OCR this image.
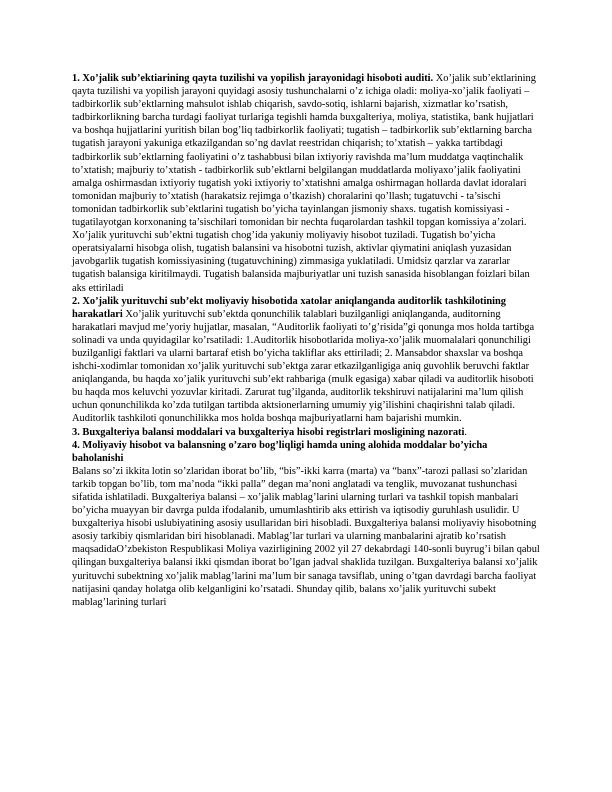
1. Xo’jalik sub’ektiarining qayta tuzilishi va yopilish jarayonidagi hisoboti auditi. Xo’jalik sub’ektlarining qayta tuzilishi va yopilish jarayoni quyidagi asosiy tushunchalarni o’z ichiga oladi: moliya-xo’jalik faoliyati – tadbirkorlik sub’ektlarning mahsulot ishlab chiqarish, savdo-sotiq, ishlarni bajarish, xizmatlar ko’rsatish, tadbirkorlikning barcha turdagi faoliyat turlariga tegishli hamda buxgalteriya, moliya, statistika, bank hujjatlari va boshqa hujjatlarini yuritish bilan bog’liq tadbirkorlik faoliyati; tugatish – tadbirkorlik sub’ektlarning barcha tugatish jarayoni yakuniga etkazilgandan so’ng davlat reestridan chiqarish; to’xtatish – yakka tartibdagi tadbirkorlik sub’ektlarning faoliyatini o’z tashabbusi bilan ixtiyoriy ravishda ma’lum muddatga vaqtinchalik to’xtatish; majburiy to’xtatish - tadbirkorlik sub’ektlarni belgilangan muddatlarda moliyaxo’jalik faoliyatini amalga oshirmasdan ixtiyoriy tugatish yoki ixtiyoriy to’xtatishni amalga oshirmagan hollarda davlat idoralari tomonidan majburiy to’xtatish (harakatsiz rejimga o’tkazish) choralarini qo’llash; tugatuvchi - ta’sischi tomonidan tadbirkorlik sub’ektlarini tugatish bo’yicha tayinlangan jismoniy shaxs. tugatish komissiyasi - tugatilayotgan korxonaning ta’sischilari tomonidan bir nechta fuqarolardan tashkil topgan komissiya a’zolari. Xo’jalik yurituvchi sub’ektni tugatish chog’ida yakuniy moliyaviy hisobot tuziladi. Tugatish bo’yicha operatsiyalarni hisobga olish, tugatish balansini va hisobotni tuzish, aktivlar qiymatini aniqlash yuzasidan javobgarlik tugatish komissiyasining (tugatuvchining) zimmasiga yuklatiladi. Umidsiz qarzlar va zararlar tugatish balansiga kiritilmaydi. Tugatish balansida majburiyatlar uni tuzish sanasida hisoblangan foizlari bilan aks ettiriladi

2. Xo’jalik yurituvchi sub’ekt moliyaviy hisobotida xatolar aniqlanganda auditorlik tashkilotining harakatlari Xo’jalik yurituvchi sub’ektda qonunchilik talablari buzilganligi aniqlanganda, auditorning harakatlari mavjud me’yoriy hujjatlar, masalan, “Auditorlik faoliyati to’g’risida”gi qonunga mos holda tartibga solinadi va unda quyidagilar ko’rsatiladi: 1.Auditorlik hisobotlarida moliya-xo’jalik muomalalari qonunchiligi buzilganligi faktlari va ularni bartaraf etish bo’yicha takliflar aks ettiriladi; 2. Mansabdor shaxslar va boshqa ishchi-xodimlar tomonidan xo’jalik yurituvchi sub’ektga zarar etkazilganligiga aniq guvohlik beruvchi faktlar aniqlanganda, bu haqda xo’jalik yurituvchi sub’ekt rahbariga (mulk egasiga) xabar qiladi va auditorlik hisoboti bu haqda mos keluvchi yozuvlar kiritadi. Zarurat tug’ilganda, auditorlik tekshiruvi natijalarini ma’lum qilish uchun qonunchilikda ko’zda tutilgan tartibda aktsionerlarning umumiy yig’ilishini chaqirishni talab qiladi. Auditorlik tashkiloti qonunchilikka mos holda boshqa majburiyatlarni ham bajarishi mumkin.

3. Buxgalteriya balansi moddalari va buxgalteriya hisobi registrlari mosligining nazorati.

4. Moliyaviy hisobot va balansning o’zaro bog’liqligi hamda uning alohida moddalar bo’yicha baholanishi

Balans so’zi ikkita lotin so’zlaridan iborat bo’lib, “bis”-ikki karra (marta) va “banx”-tarozi pallasi so’zlaridan tarkib topgan bo’lib, tom ma’noda “ikki palla” degan ma’noni anglatadi va tenglik, muvozanat tushunchasi sifatida ishlatiladi. Buxgalteriya balansi – xo’jalik mablag’larini ularning turlari va tashkil topish manbalari bo’yicha muayyan bir davrga pulda ifodalanib, umumlashtirib aks ettirish va iqtisodiy guruhlash usulidir. U buxgalteriya hisobi uslubiyatining asosiy usullaridan biri hisobladi. Buxgalteriya balansi moliyaviy hisobotning asosiy tarkibiy qismlaridan biri hisoblanadi. Mablag’lar turlari va ularning manbalarini ajratib ko’rsatish maqsadidaO’zbekiston Respublikasi Moliya vazirligining 2002 yil 27 dekabrdagi 140-sonli buyrug’i bilan qabul qilingan buxgalteriya balansi ikki qismdan iborat bo’lgan jadval shaklida tuzilgan. Buxgalteriya balansi xo’jalik yurituvchi subektning xo’jalik mablag’larini ma’lum bir sanaga tavsiflab, uning o’tgan davrdagi barcha faoliyat natijasini qanday holatga olib kelganligini ko’rsatadi. Shunday qilib, balans xo’jalik yurituvchi subekt mablag’larining turlari
